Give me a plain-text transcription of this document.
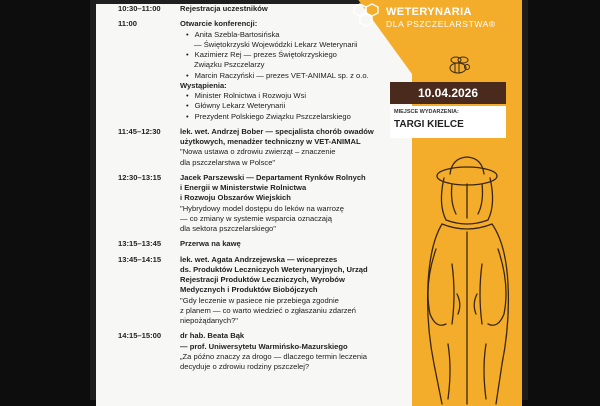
10:30–11:00	Rejestracja uczestników
11:00	Otwarcie konferencji:
• Anita Szebla-Bartosińska
— Świętokrzyski Wojewódzki Lekarz Weterynarii
• Kazimierz Rej — prezes Świętokrzyskiego
Związku Pszczelarzy
• Marcin Raczyński — prezes VET-ANIMAL sp. z o.o.
Wystąpienia:
• Minister Rolnictwa i Rozwoju Wsi
• Główny Lekarz Weterynarii
• Prezydent Polskiego Związku Pszczelarskiego
11:45–12:30	lek. wet. Andrzej Bober — specjalista chorób owadów
użytkowych, menadżer techniczny w VET-ANIMAL
"Nowa ustawa o zdrowiu zwierząt – znaczenie
dla pszczelarstwa w Polsce"
12:30–13:15	Jacek Parszewski — Departament Rynków Rolnych
i Energii w Ministerstwie Rolnictwa
i Rozwoju Obszarów Wiejskich
"Hybrydowy model dostępu do leków na warrozę
— co zmiany w systemie wsparcia oznaczają
dla sektora pszczelarskiego"
13:15–13:45	Przerwa na kawę
13:45–14:15	lek. wet. Agata Andrzejewska — wiceprezes
ds. Produktów Leczniczych Weterynaryjnych, Urząd
Rejestracji Produktów Leczniczych, Wyrobów
Medycznych i Produktów Biobójczych
"Gdy leczenie w pasiece nie przebiega zgodnie
z planem — co warto wiedzieć o zgłaszaniu zdarzeń
niepożądanych?"
14:15–15:00	dr hab. Beata Bąk
— prof. Uniwersytetu Warmińsko-Mazurskiego
„Za późno znaczy za drogo — dlaczego termin leczenia
decyduje o zdrowiu rodziny pszczelej?
WETERYNARIA
DLA PSZCZELARSTWA®
10.04.2026
MIEJSCE WYDARZENIA:
TARGI KIELCE
